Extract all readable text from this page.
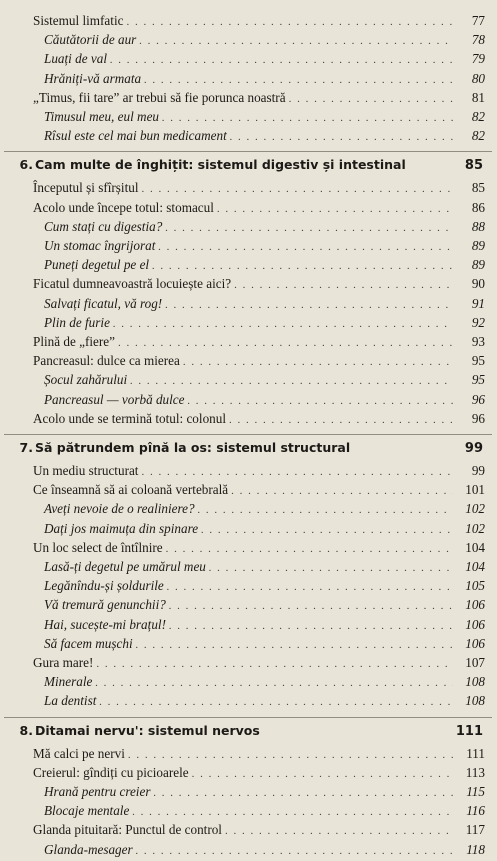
Sistemul limfatic . . .	77
Căutătorii de aur . . .	78
Luați de val . . .	79
Hrăniți-vă armata . . .	80
„Timus, fii tare” ar trebui să fie porunca noastră . . .	81
Timusul meu, eul meu . . .	82
Rîsul este cel mai bun medicament . . .	82
6. Cam multe de înghițit: sistemul digestiv și intestinal	85
Începutul și sfîrșitul . . .	85
Acolo unde începe totul: stomacul . . .	86
Cum stați cu digestia? . . .	88
Un stomac îngrijorat . . .	89
Puneți degetul pe el . . .	89
Ficatul dumneavoastră locuiește aici? . . .	90
Salvați ficatul, vă rog! . . .	91
Plin de furie . . .	92
Plină de „fiere” . . .	93
Pancreasul: dulce ca mierea . . .	95
Șocul zahărului . . .	95
Pancreasul — vorbă dulce . . .	96
Acolo unde se termină totul: colonul . . .	96
7. Să pătrundem pînă la os: sistemul structural	99
Un mediu structurat . . .	99
Ce înseamnă să ai coloană vertebrală . . .	101
Aveți nevoie de o realiniere? . . .	102
Dați jos maimuța din spinare . . .	102
Un loc select de întîlnire . . .	104
Lasă-ți degetul pe umărul meu . . .	104
Legănîndu-și șoldurile . . .	105
Vă tremură genunchii? . . .	106
Hai, sucește-mi brațul! . . .	106
Să facem mușchi . . .	106
Gura mare! . . .	107
Minerale . . .	108
La dentist . . .	108
8. Ditamai nervu': sistemul nervos	111
Mă calci pe nervi . . .	111
Creierul: gîndiți cu picioarele . . .	113
Hrană pentru creier . . .	115
Blocaje mentale . . .	116
Glanda pituitară: Punctul de control . . .	117
Glanda-mesager . . .	118
